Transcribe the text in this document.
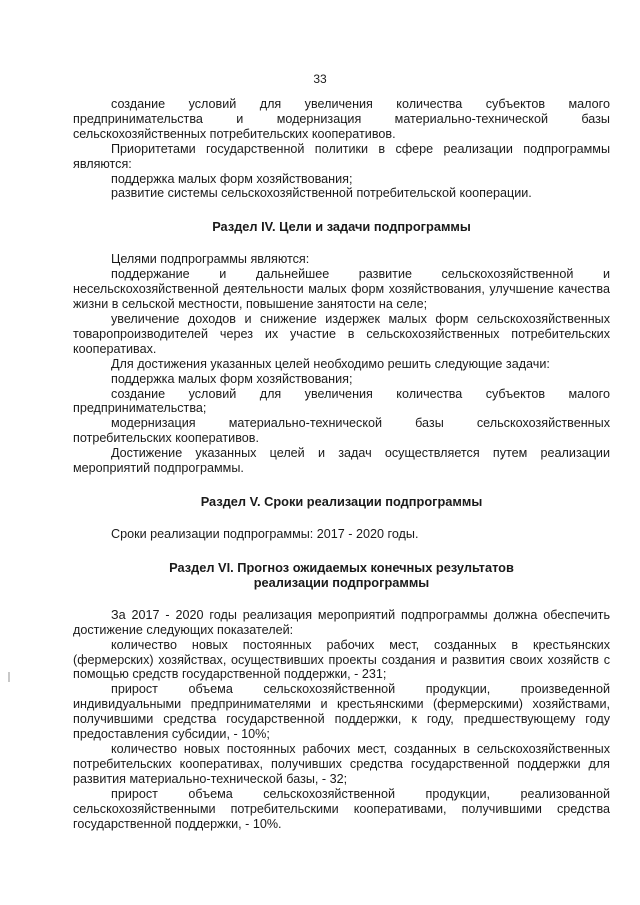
33

создание условий для увеличения количества субъектов малого предпринимательства и модернизация материально-технической базы сельскохозяйственных потребительских кооперативов.

Приоритетами государственной политики в сфере реализации подпрограммы являются:

поддержка малых форм хозяйствования;

развитие системы сельскохозяйственной потребительской кооперации.

Раздел IV. Цели и задачи подпрограммы

Целями подпрограммы являются:

поддержание и дальнейшее развитие сельскохозяйственной и несельскохозяйственной деятельности малых форм хозяйствования, улучшение качества жизни в сельской местности, повышение занятости на селе;

увеличение доходов и снижение издержек малых форм сельскохозяйственных товаропроизводителей через их участие в сельскохозяйственных потребительских кооперативах.

Для достижения указанных целей необходимо решить следующие задачи:

поддержка малых форм хозяйствования;

создание условий для увеличения количества субъектов малого предпринимательства;

модернизация материально-технической базы сельскохозяйственных потребительских кооперативов.

Достижение указанных целей и задач осуществляется путем реализации мероприятий подпрограммы.

Раздел V. Сроки реализации подпрограммы

Сроки реализации подпрограммы: 2017 - 2020 годы.

Раздел VI. Прогноз ожидаемых конечных результатов
реализации подпрограммы

За 2017 - 2020 годы реализация мероприятий подпрограммы должна обеспечить достижение следующих показателей:

количество новых постоянных рабочих мест, созданных в крестьянских (фермерских) хозяйствах, осуществивших проекты создания и развития своих хозяйств с помощью средств государственной поддержки, - 231;

прирост объема сельскохозяйственной продукции, произведенной индивидуальными предпринимателями и крестьянскими (фермерскими) хозяйствами, получившими средства государственной поддержки, к году, предшествующему году предоставления субсидии, - 10%;

количество новых постоянных рабочих мест, созданных в сельскохозяйственных потребительских кооперативах, получивших средства государственной поддержки для развития материально-технической базы, - 32;

прирост объема сельскохозяйственной продукции, реализованной сельскохозяйственными потребительскими кооперативами, получившими средства государственной поддержки, - 10%.
